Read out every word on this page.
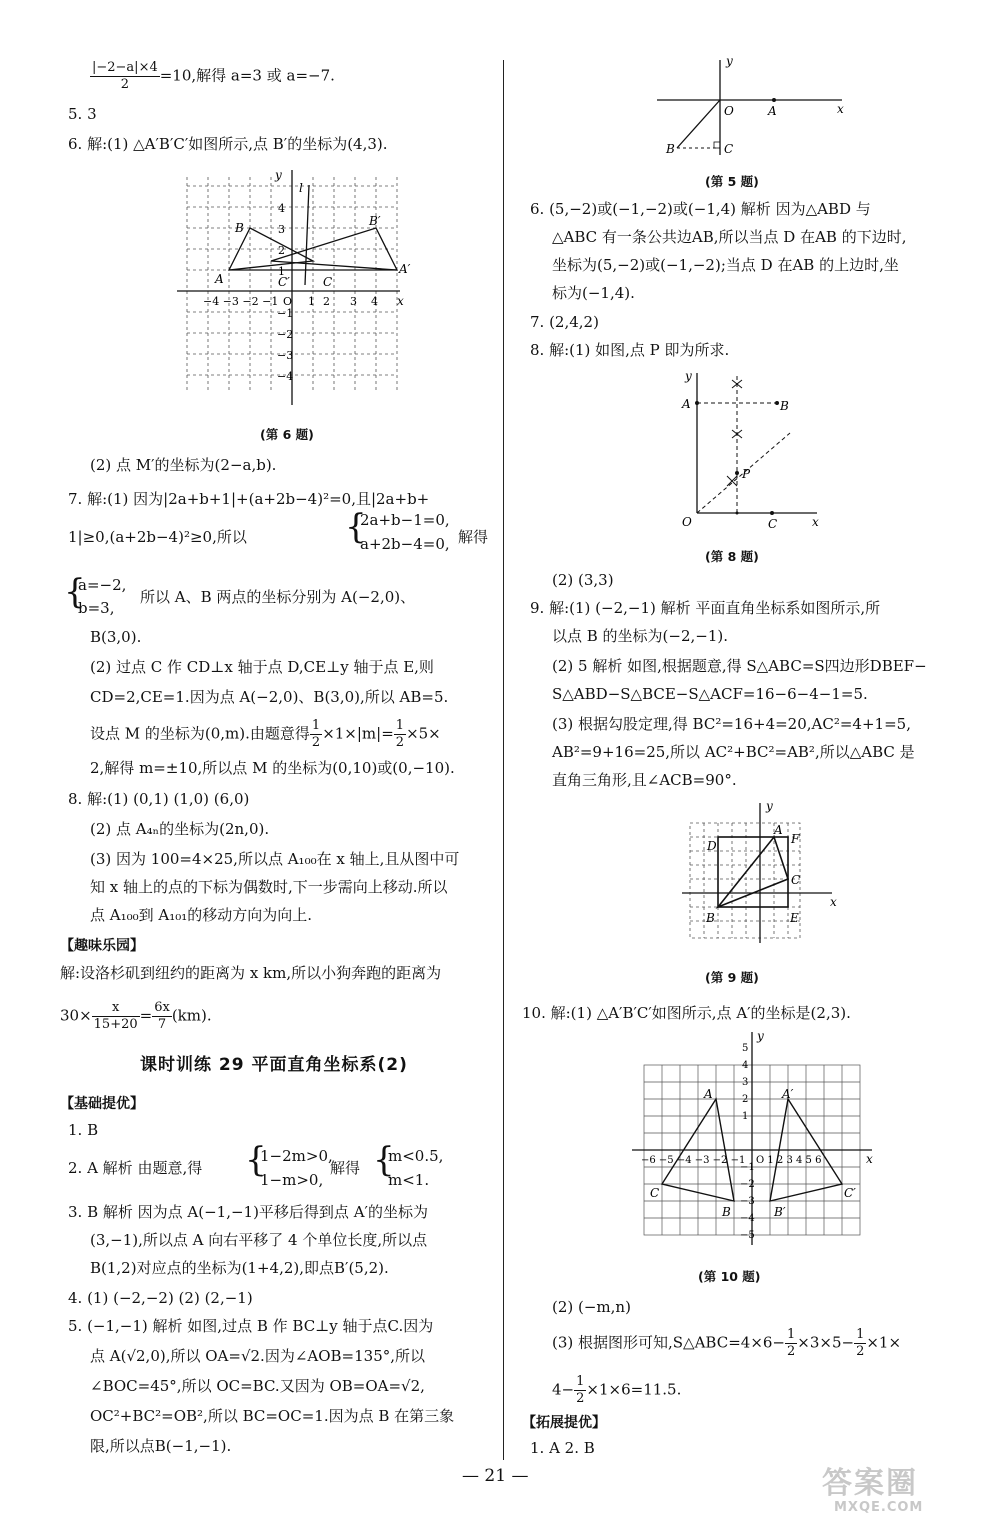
$\frac{|-2-a|\times 4}{2} =10$,解得 a=3 或 a=−7.
5. 3
6. 解:(1) △A′B′C′如图所示,点 B′的坐标为(4,3).
y
l
x
B	B′
A
A′
C′	C
4
3
2
1
−1
−2
−3
−4
−4 −3 −2 −1 O 1 2 3 4
(第 6 题)
(2) 点 M′的坐标为(2−a,b).
7. 解:(1) 因为|2a+b+1|+(a+2b−4)²=0,且|2a+b+
1|≥0,(a+2b−4)²≥0,所以	{
2a+b−1=0,
a+2b−4=0, 解得
{
a=−2,
b=3,
所以 A、B 两点的坐标分别为 A(−2,0)、
B(3,0).
(2) 过点 C 作 CD⊥x 轴于点 D,CE⊥y 轴于点 E,则
CD=2,CE=1.因为点 A(−2,0)、B(3,0),所以 AB=5.
设点 M 的坐标为(0,m).由题意得 $\frac{1}{2} \times 1\times|m|= \frac{1}{2} \times 5\times$
2,解得 m=±10,所以点 M 的坐标为(0,10)或(0,−10).
8. 解:(1) (0,1) (1,0) (6,0)
(2) 点 A₄ₙ的坐标为(2n,0).
(3) 因为 100=4×25,所以点 A₁₀₀在 x 轴上,且从图中可
知 x 轴上的点的下标为偶数时,下一步需向上移动.所以
点 A₁₀₀到 A₁₀₁的移动方向为向上.
【趣味乐园】
解:设洛杉矶到纽约的距离为 x km,所以小狗奔跑的距离为
$30\times \frac{x}{15+20} = \frac{6x}{7} (km)$.
课时训练 29 平面直角坐标系(2)
【基础提优】
1. B
2. A 解析 由题意,得 {
1−2m>0,
1−m>0,
解得 {
m<0.5,
m<1.
3. B 解析 因为点 A(−1,−1)平移后得到点 A′的坐标为
(3,−1),所以点 A 向右平移了 4 个单位长度,所以点
B(1,2)对应点的坐标为(1+4,2),即点B′(5,2).
4. (1) (−2,−2) (2) (2,−1)
5. (−1,−1) 解析 如图,过点 B 作 BC⊥y 轴于点C.因为
点 A(√2,0),所以 OA=√2.因为∠AOB=135°,所以
∠BOC=45°,所以 OC=BC.又因为 OB=OA=√2,
OC²+BC²=OB²,所以 BC=OC=1.因为点 B 在第三象
限,所以点B(−1,−1).
y
x
O	A
B	C
(第 5 题)
6. (5,−2)或(−1,−2)或(−1,4) 解析 因为△ABD 与
△ABC 有一条公共边AB,所以当点 D 在AB 的下边时,
坐标为(5,−2)或(−1,−2);当点 D 在AB 的上边时,坐
标为(−1,4).
7. (2,4,2)
8. 解:(1) 如图,点 P 即为所求.
y
x
A	B
P
O	C
(第 8 题)
(2) (3,3)
9. 解:(1) (−2,−1) 解析 平面直角坐标系如图所示,所
以点 B 的坐标为(−2,−1).
(2) 5 解析 如图,根据题意,得 S△ABC=S四边形DBEF−
S△ABD−S△BCE−S△ACF=16−6−4−1=5.
(3) 根据勾股定理,得 BC²=16+4=20,AC²=4+1=5,
AB²=9+16=25,所以 AC²+BC²=AB²,所以△ABC 是
直角三角形,且∠ACB=90°.
y
x
D
A
F
C
B	E
(第 9 题)
10. 解:(1) △A′B′C′如图所示,点 A′的坐标是(2,3).
y
x
A	A′
C	C′
B	B′
5
4
3
2
1
−1
−2
−3
−4
−5
−6 −5 −4 −3 −2 −1 O 1 2 3 4 5 6
(第 10 题)
(2) (−m,n)
(3) 根据图形可知,S△ABC=4×6− $\frac{1}{2} \times 3\times 5- \frac{1}{2} \times 1\times$
$4- \frac{1}{2} \times 1\times 6=11.5$.
【拓展提优】
1. A 2. B
— 21 —	答案圈
MXQE.COM
